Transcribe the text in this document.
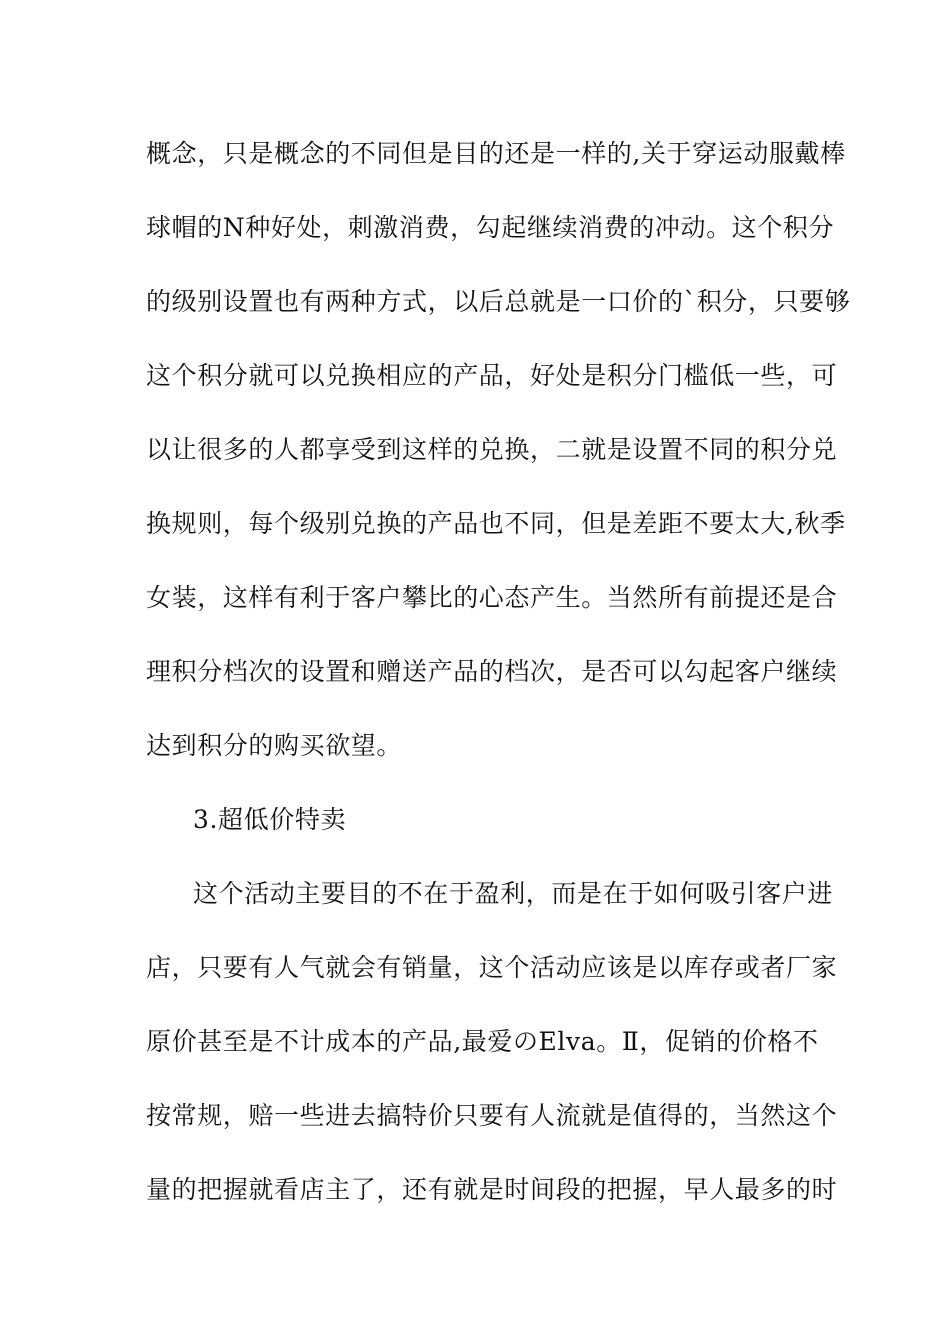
概念，只是概念的不同但是目的还是一样的,关于穿运动服戴棒
球帽的N种好处，刺激消费，勾起继续消费的冲动。这个积分
的级别设置也有两种方式，以后总就是一口价的`积分，只要够
这个积分就可以兑换相应的产品，好处是积分门槛低一些，可
以让很多的人都享受到这样的兑换，二就是设置不同的积分兑
换规则，每个级别兑换的产品也不同，但是差距不要太大,秋季
女装，这样有利于客户攀比的心态产生。当然所有前提还是合
理积分档次的设置和赠送产品的档次，是否可以勾起客户继续
达到积分的购买欲望。
3.超低价特卖
这个活动主要目的不在于盈利，而是在于如何吸引客户进
店，只要有人气就会有销量，这个活动应该是以库存或者厂家
原价甚至是不计成本的产品,最爱のElva。Ⅱ，促销的价格不
按常规，赔一些进去搞特价只要有人流就是值得的，当然这个
量的把握就看店主了，还有就是时间段的把握，早人最多的时
